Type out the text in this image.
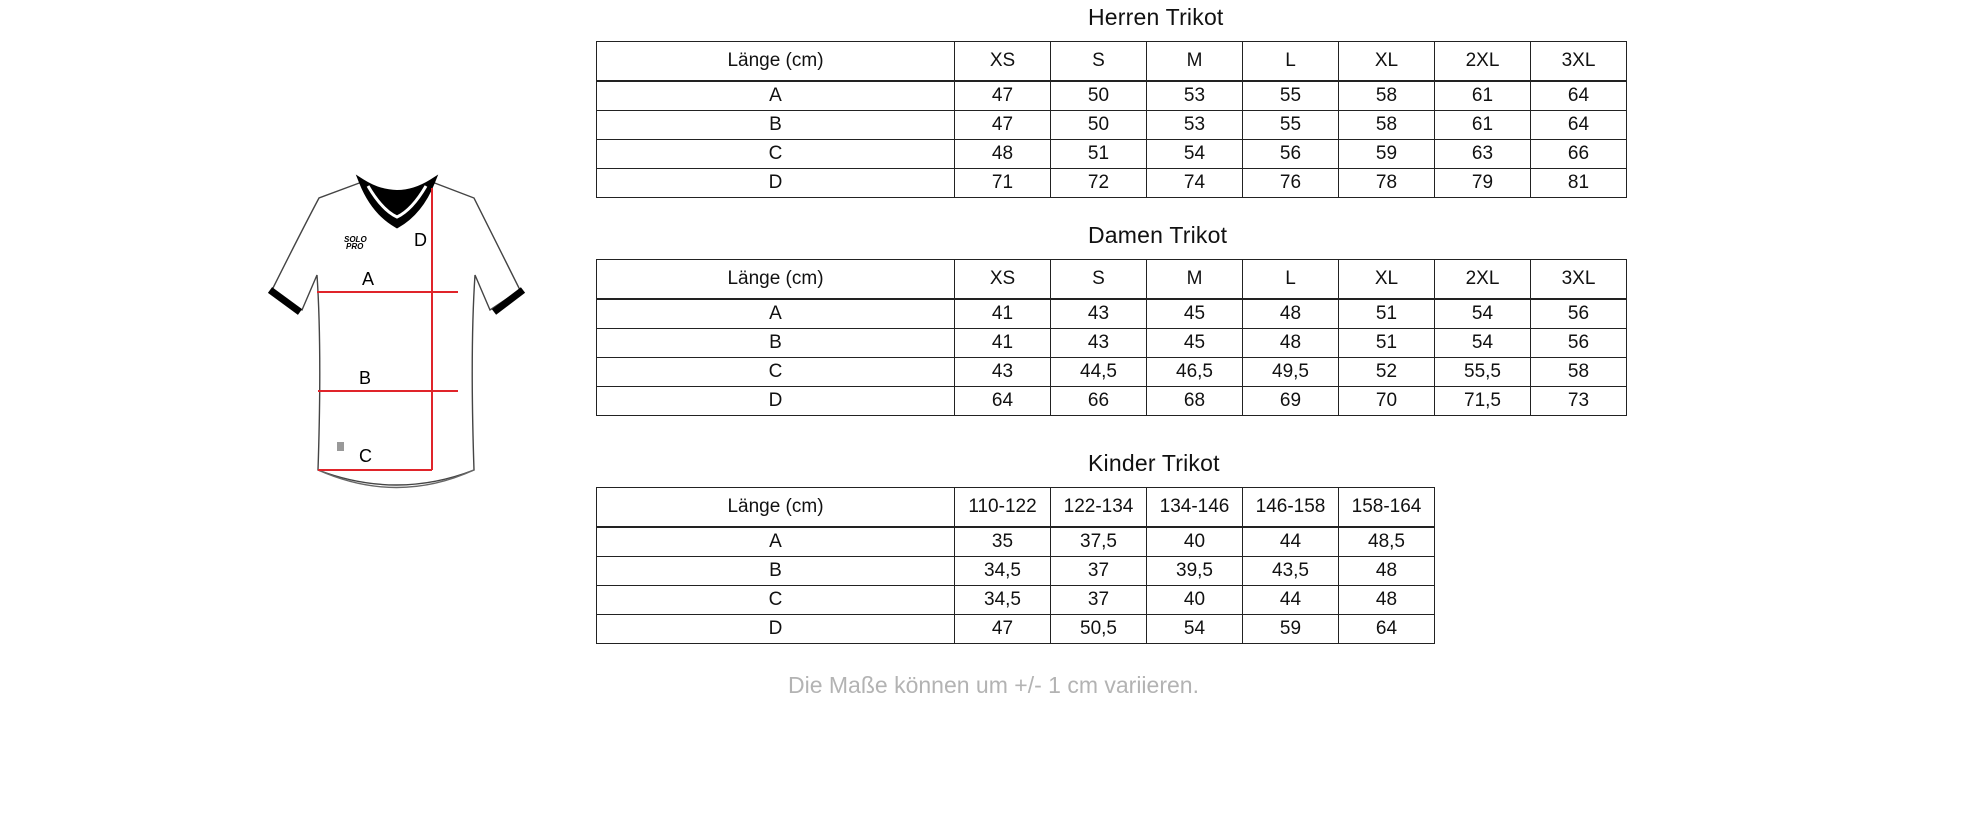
A
B
C
D
SOLO
PRO
Herren Trikot
Länge (cm)	XS	S	M	L	XL	2XL	3XL
A	47	50	53	55	58	61	64
B	47	50	53	55	58	61	64
C	48	51	54	56	59	63	66
D	71	72	74	76	78	79	81
Damen Trikot
Länge (cm)	XS	S	M	L	XL	2XL	3XL
A	41	43	45	48	51	54	56
B	41	43	45	48	51	54	56
C	43	44,5	46,5	49,5	52	55,5	58
D	64	66	68	69	70	71,5	73
Kinder Trikot
Länge (cm)	110-122	122-134	134-146	146-158	158-164
A	35	37,5	40	44	48,5
B	34,5	37	39,5	43,5	48
C	34,5	37	40	44	48
D	47	50,5	54	59	64
Die Maße können um +/- 1 cm variieren.
